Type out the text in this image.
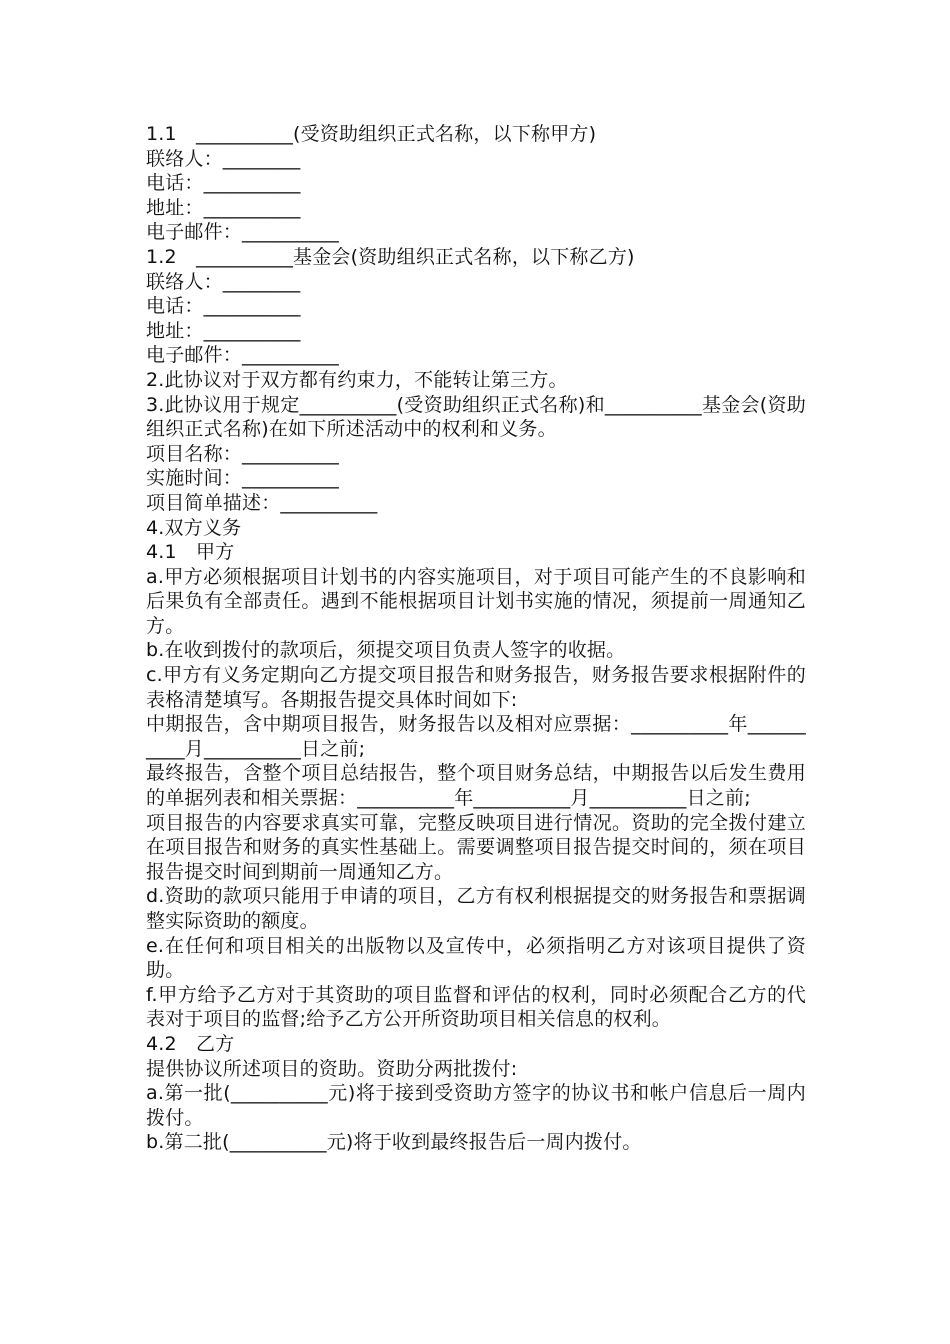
1.1　__________(受资助组织正式名称，以下称甲方)
联络人：________
电话：__________
地址：__________
电子邮件：__________
1.2　__________基金会(资助组织正式名称，以下称乙方)
联络人：________
电话：__________
地址：__________
电子邮件：__________
2.此协议对于双方都有约束力，不能转让第三方。
3.此协议用于规定__________(受资助组织正式名称)和__________基金会(资助组织正式名称)在如下所述活动中的权利和义务。
项目名称：__________
实施时间：__________
项目简单描述：__________
4.双方义务
4.1　甲方
a.甲方必须根据项目计划书的内容实施项目，对于项目可能产生的不良影响和后果负有全部责任。遇到不能根据项目计划书实施的情况，须提前一周通知乙方。
b.在收到拨付的款项后，须提交项目负责人签字的收据。
c.甲方有义务定期向乙方提交项目报告和财务报告，财务报告要求根据附件的表格清楚填写。各期报告提交具体时间如下:
中期报告，含中期项目报告，财务报告以及相对应票据：__________年__________月__________日之前;
最终报告，含整个项目总结报告，整个项目财务总结，中期报告以后发生费用的单据列表和相关票据：__________年__________月__________日之前;
项目报告的内容要求真实可靠，完整反映项目进行情况。资助的完全拨付建立在项目报告和财务的真实性基础上。需要调整项目报告提交时间的，须在项目报告提交时间到期前一周通知乙方。
d.资助的款项只能用于申请的项目，乙方有权利根据提交的财务报告和票据调整实际资助的额度。
e.在任何和项目相关的出版物以及宣传中，必须指明乙方对该项目提供了资助。
f.甲方给予乙方对于其资助的项目监督和评估的权利，同时必须配合乙方的代表对于项目的监督;给予乙方公开所资助项目相关信息的权利。
4.2　乙方
提供协议所述项目的资助。资助分两批拨付:
a.第一批(__________元)将于接到受资助方签字的协议书和帐户信息后一周内拨付。
b.第二批(__________元)将于收到最终报告后一周内拨付。
